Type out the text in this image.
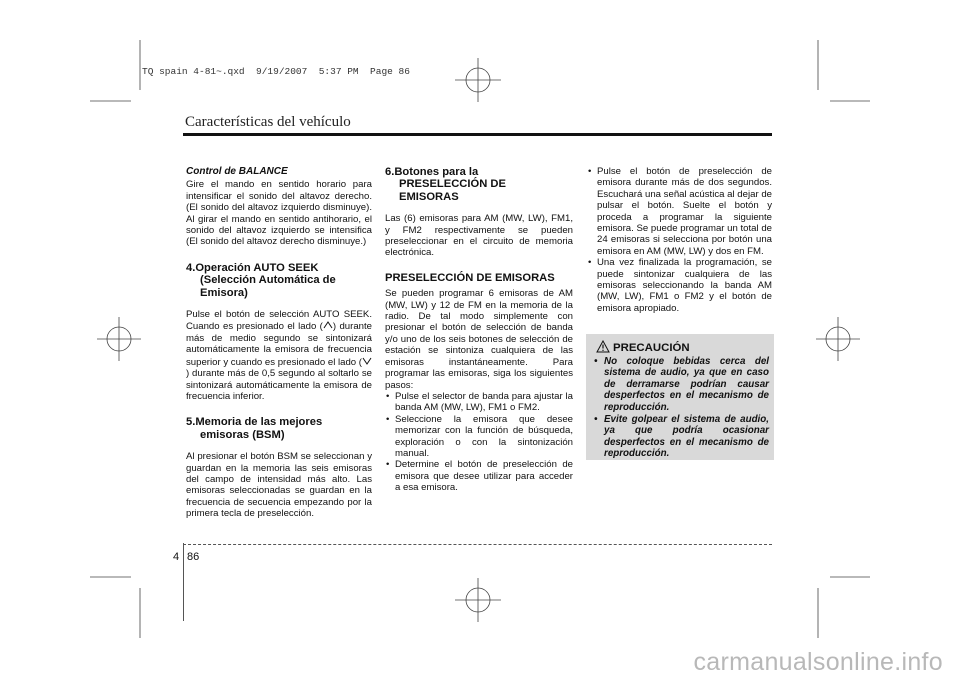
TQ spain 4-81~.qxd  9/19/2007  5:37 PM  Page 86
Características del vehículo

Control de BALANCE

Gire el mando en sentido horario para intensificar el sonido del altavoz derecho. (El sonido del altavoz izquierdo disminuye). Al girar el mando en sentido antihorario, el sonido del altavoz izquierdo se intensifica (El sonido del altavoz derecho disminuye.)

4.Operación AUTO SEEK
(Selección Automática de
Emisora)

Pulse el botón de selección AUTO SEEK. Cuando es presionado el lado ( ) durante más de medio segundo se sintonizará automáticamente la emisora de frecuencia superior y cuando es presionado el lado () durante más de 0,5 segundo al soltarlo se sintonizará automáticamente la emisora de frecuencia inferior.

5.Memoria de las mejores
emisoras (BSM)

Al presionar el botón BSM se seleccionan y guardan en la memoria las seis emisoras del campo de intensidad más alto. Las emisoras seleccionadas se guardan en la frecuencia de secuencia empezando por la primera tecla de preselección.

6.Botones para la
PRESELECCIÓN DE
EMISORAS

Las (6) emisoras para AM (MW, LW), FM1, y FM2 respectivamente se pueden preseleccionar en el circuito de memoria electrónica.

PRESELECCIÓN DE EMISORAS

Se pueden programar 6 emisoras de AM (MW, LW) y 12 de FM en la memoria de la radio. De tal modo simplemente con presionar el botón de selección de banda y/o uno de los seis botones de selección de estación se sintoniza cualquiera de las emisoras instantáneamente. Para programar las emisoras, siga los siguientes pasos:

• Pulse el selector de banda para ajustar la banda AM (MW, LW), FM1 o FM2.
• Seleccione la emisora que desee memorizar con la función de búsqueda, exploración o con la sintonización manual.
• Determine el botón de preselección de emisora que desee utilizar para acceder a esa emisora.
• Pulse el botón de preselección de emisora durante más de dos segundos. Escuchará una señal acústica al dejar de pulsar el botón. Suelte el botón y proceda a programar la siguiente emisora. Se puede programar un total de 24 emisoras si selecciona por botón una emisora en AM (MW, LW) y dos en FM.
• Una vez finalizada la programación, se puede sintonizar cualquiera de las emisoras seleccionando la banda AM (MW, LW), FM1 o FM2 y el botón de emisora apropiado.
PRECAUCIÓN
• No coloque bebidas cerca del sistema de audio, ya que en caso de derramarse podrían causar desperfectos en el mecanismo de reproducción.
• Evite golpear el sistema de audio, ya que podría ocasionar desperfectos en el mecanismo de reproducción.
4 86
carmanualsonline.info
